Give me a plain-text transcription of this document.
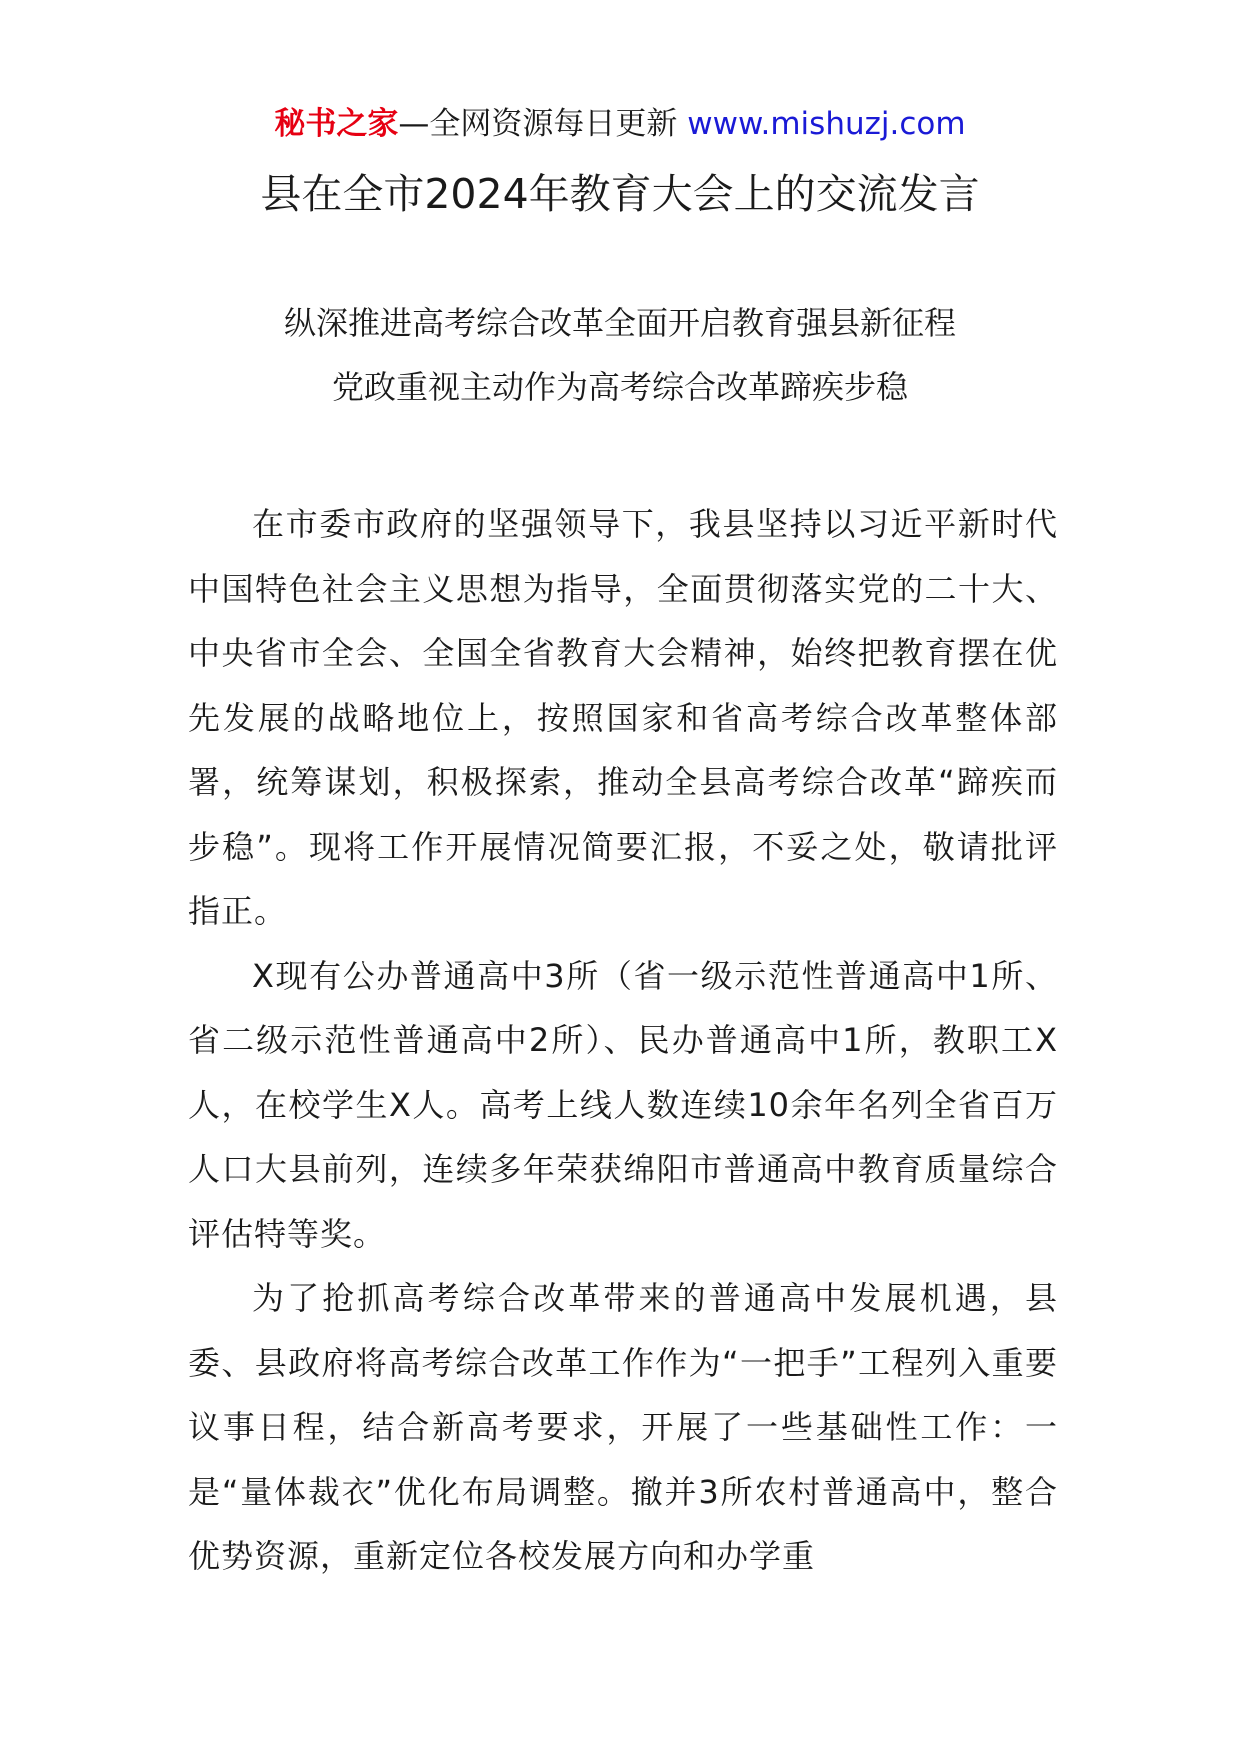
秘书之家—全网资源每日更新 www.mishuzj.com
县在全市2024年教育大会上的交流发言
纵深推进高考综合改革全面开启教育强县新征程
党政重视主动作为高考综合改革蹄疾步稳

在市委市政府的坚强领导下，我县坚持以习近平新时代中国特色社会主义思想为指导，全面贯彻落实党的二十大、中央省市全会、全国全省教育大会精神，始终把教育摆在优先发展的战略地位上，按照国家和省高考综合改革整体部署，统筹谋划，积极探索，推动全县高考综合改革“蹄疾而步稳”。现将工作开展情况简要汇报，不妥之处，敬请批评指正。

X现有公办普通高中3所（省一级示范性普通高中1所、省二级示范性普通高中2所）、民办普通高中1所，教职工X人，在校学生X人。高考上线人数连续10余年名列全省百万人口大县前列，连续多年荣获绵阳市普通高中教育质量综合评估特等奖。

为了抢抓高考综合改革带来的普通高中发展机遇，县委、县政府将高考综合改革工作作为“一把手”工程列入重要议事日程，结合新高考要求，开展了一些基础性工作：一是“量体裁衣”优化布局调整。撤并3所农村普通高中，整合优势资源，重新定位各校发展方向和办学重
